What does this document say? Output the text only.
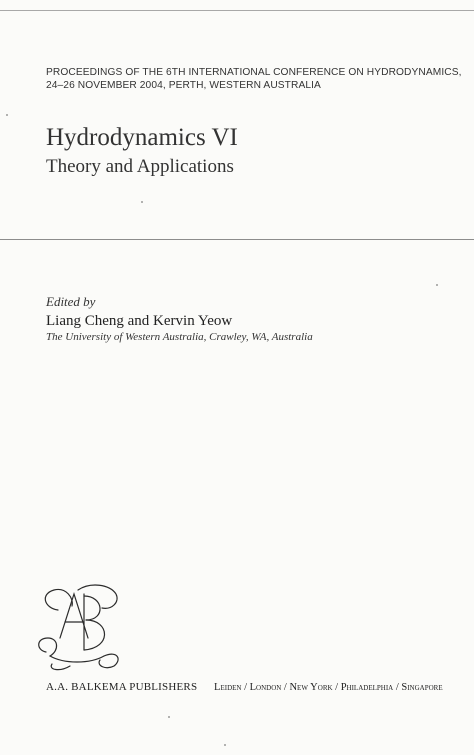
PROCEEDINGS OF THE 6TH INTERNATIONAL CONFERENCE ON HYDRODYNAMICS,
24–26 NOVEMBER 2004, PERTH, WESTERN AUSTRALIA

Hydrodynamics VI
Theory and Applications
Edited by
Liang Cheng and Kervin Yeow
The University of Western Australia, Crawley, WA, Australia
A.A. BALKEMA PUBLISHERS Leiden / London / New York / Philadelphia / Singapore
